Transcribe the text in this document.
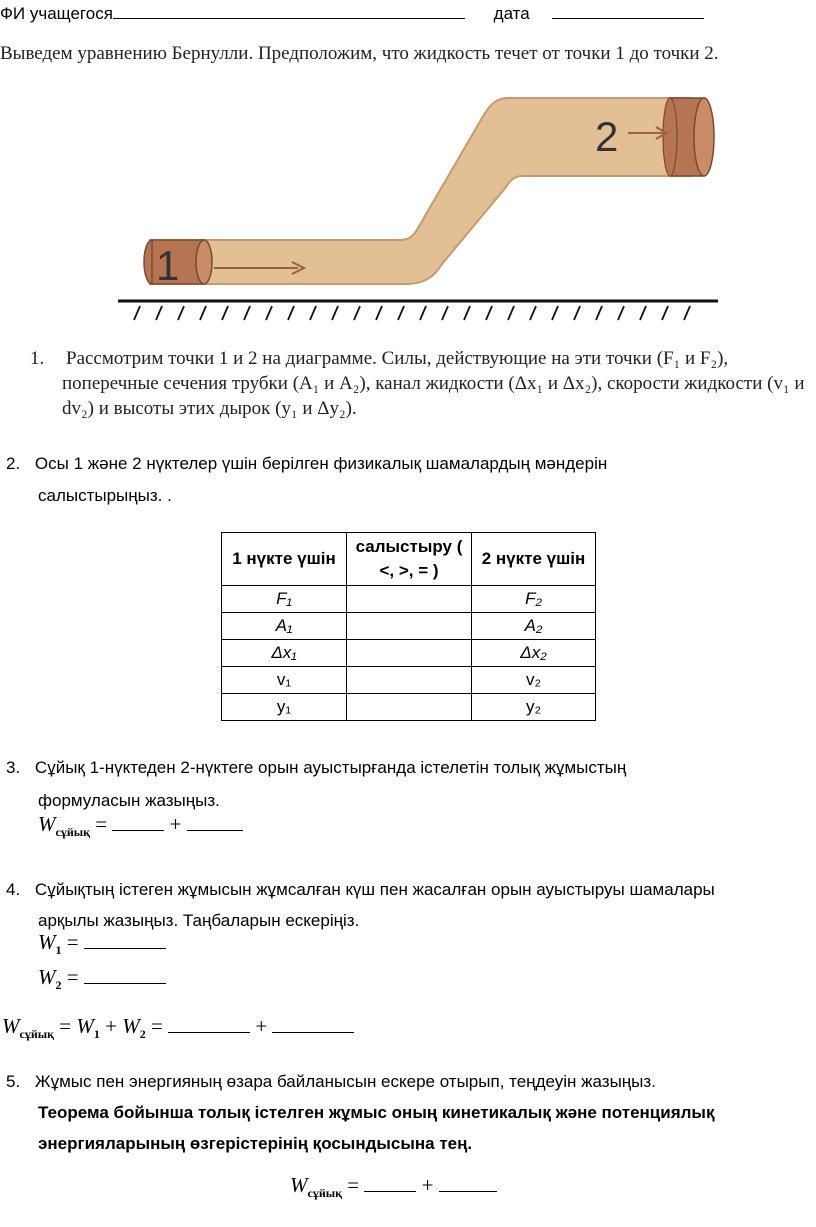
ФИ учащегося	дата
Выведем уравнению Бернулли. Предположим, что жидкость течет от точки 1 до точки 2.
1
2
1.	Рассмотрим точки 1 и 2 на диаграмме. Силы, действующие на эти точки (F₁ и F₂), поперечные сечения трубки (A₁ и A₂), канал жидкости (Δx₁ и Δx₂), скорости жидкости (v₁ и dv₂) и высоты этих дырок (y₁ и Δy₂).
2. Осы 1 және 2 нүктелер үшін берілген физикалық шамалардың мәндерін
салыстырыңыз. .
1 нүкте үшін	салыстыру ( <, >, = )	2 нүкте үшін
F₁		F₂
A₁		A₂
Δx₁		Δx₂
v₁		v₂
y₁		y₂
3. Сұйық 1-нүктеден 2-нүктеге орын ауыстырғанда істелетін толық жұмыстың
формуласын жазыңыз.
$W_{сұйық}$ =	+
4. Сұйықтың істеген жұмысын жұмсалған күш пен жасалған орын ауыстыруы шамалары
арқылы жазыңыз. Таңбаларын ескеріңіз.
$W_1$ =
$W_2$ =
$W_{сұйық} = W_1 + W_2$ =	+
5. Жұмыс пен энергияның өзара байланысын ескере отырып, теңдеуін жазыңыз.
Теорема бойынша толық істелген жұмыс оның кинетикалық және потенциялық
энергияларының өзгерістерінің қосындысына тең.
$W_{сұйық}$ =	+
